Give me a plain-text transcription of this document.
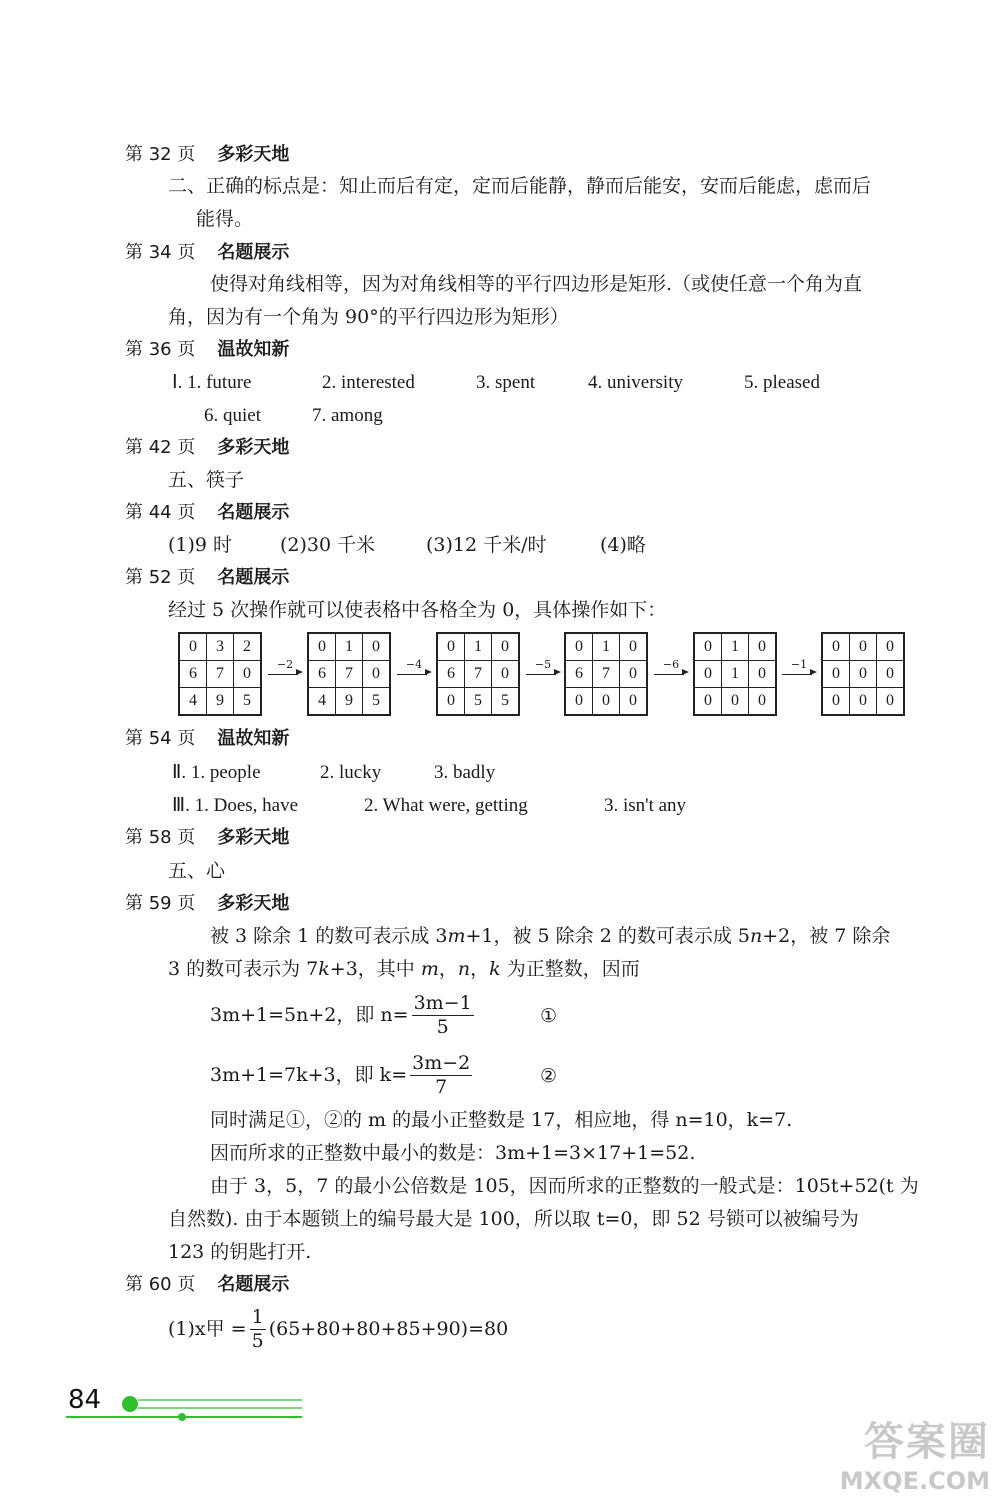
第 32 页 多彩天地
二、正确的标点是：知止而后有定，定而后能静，静而后能安，安而后能虑，虑而后
能得。
第 34 页 名题展示
使得对角线相等，因为对角线相等的平行四边形是矩形.（或使任意一个角为直
角，因为有一个角为 90°的平行四边形为矩形）
第 36 页 温故知新
Ⅰ. 1. future	2. interested	3. spent	4. university	5. pleased
6. quiet	7. among
第 42 页 多彩天地
五、筷子
第 44 页 名题展示
(1)9 时	(2)30 千米	(3)12 千米/时	(4)略
第 52 页 名题展示
经过 5 次操作就可以使表格中各格全为 0，具体操作如下：
0	3	2
6	7	0
4	9	5
−2
0	1	0
6	7	0
4	9	5
−4
0	1	0
6	7	0
0	5	5
−5
0	1	0
6	7	0
0	0	0
−6
0	1	0
0	1	0
0	0	0
−1
0	0	0
0	0	0
0	0	0
第 54 页 温故知新
Ⅱ. 1. people	2. lucky	3. badly
Ⅲ. 1. Does, have	2. What were, getting	3. isn't any
第 58 页 多彩天地
五、心
第 59 页 多彩天地
被 3 除余 1 的数可表示成 3m+1，被 5 除余 2 的数可表示成 5n+2，被 7 除余
3 的数可表示为 7k+3，其中 m，n，k 为正整数，因而
3m+1=5n+2，即 $n= \frac{3m-1}{5}$	①
3m+1=7k+3，即 $k= \frac{3m-2}{7}$	②
同时满足①，②的 m 的最小正整数是 17，相应地，得 n=10，k=7.
因而所求的正整数中最小的数是：3m+1=3×17+1=52.
由于 3，5，7 的最小公倍数是 105，因而所求的正整数的一般式是：105t+52(t 为
自然数). 由于本题锁上的编号最大是 100，所以取 t=0，即 52 号锁可以被编号为
123 的钥匙打开.
第 60 页 名题展示
(1)x甲 = $\frac{1}{5} (65+80+80+85+90)=80$
84
答案圈
MXQE.COM
